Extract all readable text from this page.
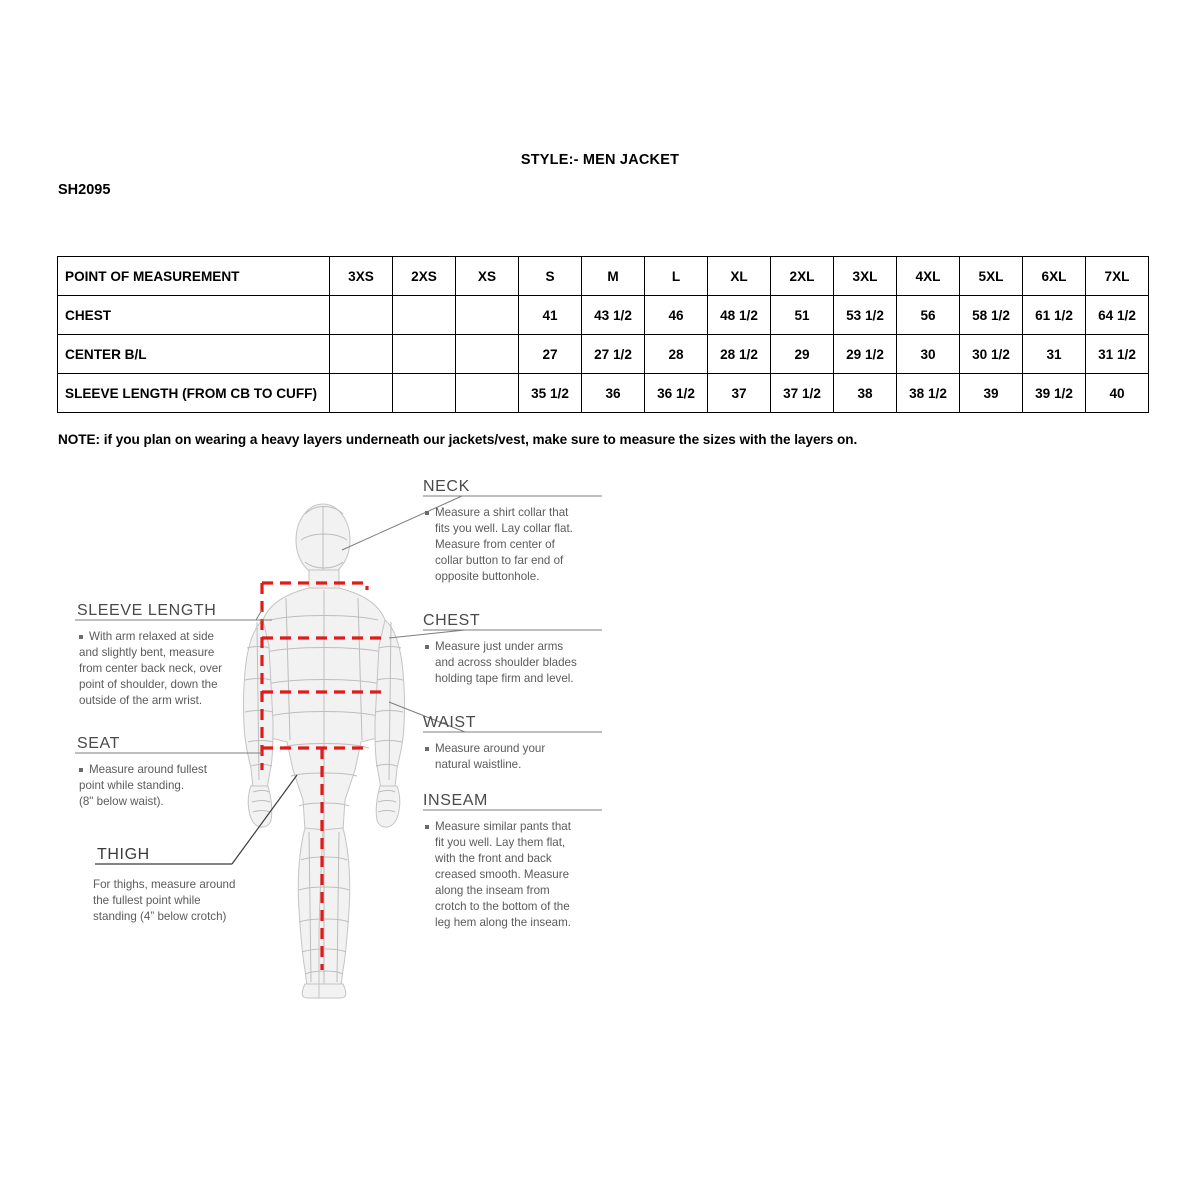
STYLE:- MEN JACKET
SH2095
POINT OF MEASUREMENT	3XS	2XS	XS	S	M	L	XL	2XL	3XL	4XL	5XL	6XL	7XL
CHEST				41	43 1/2	46	48 1/2	51	53 1/2	56	58 1/2	61 1/2	64 1/2
CENTER B/L				27	27 1/2	28	28 1/2	29	29 1/2	30	30 1/2	31	31 1/2
SLEEVE LENGTH (FROM CB TO CUFF)				35 1/2	36	36 1/2	37	37 1/2	38	38 1/2	39	39 1/2	40
NOTE: if you plan on wearing a heavy layers underneath our jackets/vest, make sure to measure the sizes with the layers on.
NECK
Measure a shirt collar that
fits you well. Lay collar flat.
Measure from center of
collar button to far end of
opposite buttonhole.
CHEST
Measure just under arms
and across shoulder blades
holding tape firm and level.
WAIST
Measure around your
natural waistline.
INSEAM
Measure similar pants that
fit you well. Lay them flat,
with the front and back
creased smooth. Measure
along the inseam from
crotch to the bottom of the
leg hem along the inseam.
SLEEVE LENGTH
With arm relaxed at side
and slightly bent, measure
from center back neck, over
point of shoulder, down the
outside of the arm wrist.
SEAT
Measure around fullest
point while standing.
(8" below waist).
THIGH
For thighs, measure around
the fullest point while
standing (4” below crotch)
